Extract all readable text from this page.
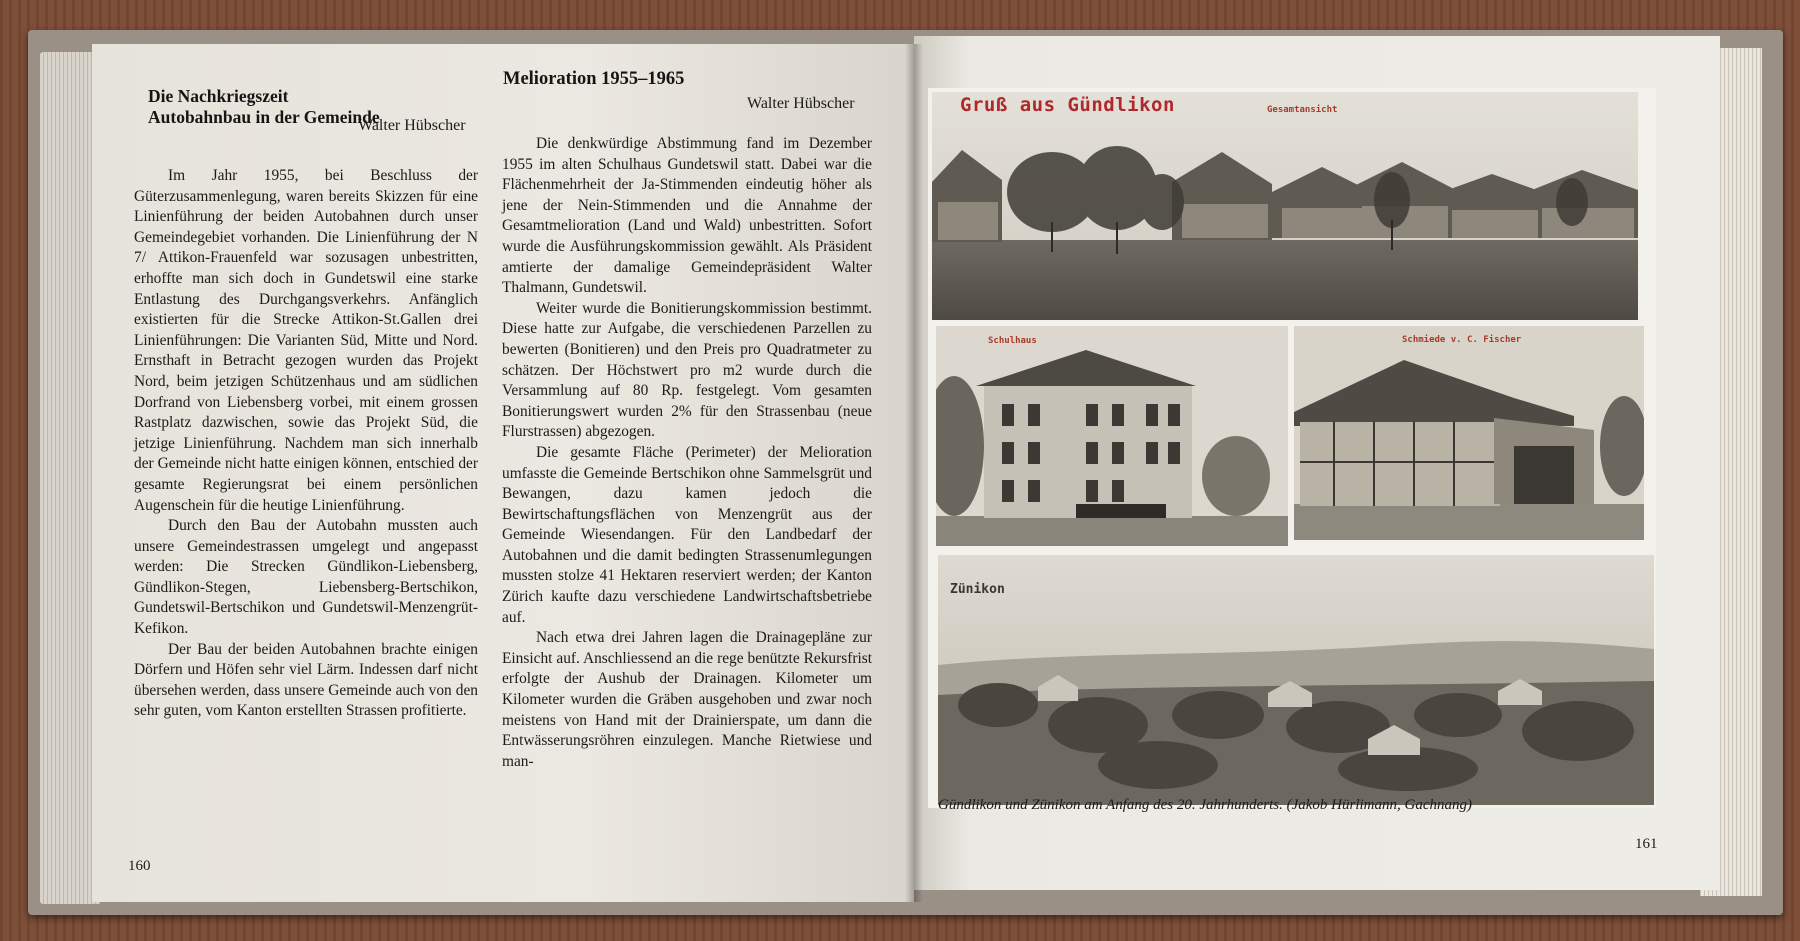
Die Nachkriegszeit
Autobahnbau in der Gemeinde
Walter Hübscher

Im Jahr 1955, bei Beschluss der Güterzusammenlegung, waren bereits Skizzen für eine Linienführung der beiden Autobahnen durch unser Gemeindegebiet vorhanden. Die Linienführung der N 7/ Attikon-Frauenfeld war sozusagen unbestritten, erhoffte man sich doch in Gundetswil eine starke Entlastung des Durchgangsverkehrs. Anfänglich existierten für die Strecke Attikon-St.Gallen drei Linienführungen: Die Varianten Süd, Mitte und Nord. Ernsthaft in Betracht gezogen wurden das Projekt Nord, beim jetzigen Schützenhaus und am südlichen Dorfrand von Liebensberg vorbei, mit einem grossen Rastplatz dazwischen, sowie das Projekt Süd, die jetzige Linienführung. Nachdem man sich innerhalb der Gemeinde nicht hatte einigen können, entschied der gesamte Regierungsrat bei einem persönlichen Augenschein für die heutige Linienführung.

Durch den Bau der Autobahn mussten auch unsere Gemeindestrassen umgelegt und angepasst werden: Die Strecken Gündlikon-Liebensberg, Gündlikon-Stegen, Liebensberg-Bertschikon, Gundetswil-Bertschikon und Gundetswil-Menzengrüt-Kefikon.

Der Bau der beiden Autobahnen brachte einigen Dörfern und Höfen sehr viel Lärm. Indessen darf nicht übersehen werden, dass unsere Gemeinde auch von den sehr guten, vom Kanton erstellten Strassen profitierte.

Melioration 1955–1965
Walter Hübscher

Die denkwürdige Abstimmung fand im Dezember 1955 im alten Schulhaus Gundetswil statt. Dabei war die Flächenmehrheit der Ja-Stimmenden eindeutig höher als jene der Nein-Stimmenden und die Annahme der Gesamtmelioration (Land und Wald) unbestritten. Sofort wurde die Ausführungskommission gewählt. Als Präsident amtierte der damalige Gemeindepräsident Walter Thalmann, Gundetswil.

Weiter wurde die Bonitierungskommission bestimmt. Diese hatte zur Aufgabe, die verschiedenen Parzellen zu bewerten (Bonitieren) und den Preis pro Quadratmeter zu schätzen. Der Höchstwert pro m2 wurde durch die Versammlung auf 80 Rp. festgelegt. Vom gesamten Bonitierungswert wurden 2% für den Strassenbau (neue Flurstrassen) abgezogen.

Die gesamte Fläche (Perimeter) der Melioration umfasste die Gemeinde Bertschikon ohne Sammelsgrüt und Bewangen, dazu kamen jedoch die Bewirtschaftungsflächen von Menzengrüt aus der Gemeinde Wiesendangen. Für den Landbedarf der Autobahnen und die damit bedingten Strassenumlegungen mussten stolze 41 Hektaren reserviert werden; der Kanton Zürich kaufte dazu verschiedene Landwirtschaftsbetriebe auf.

Nach etwa drei Jahren lagen die Drainagepläne zur Einsicht auf. Anschliessend an die rege benützte Rekursfrist erfolgte der Aushub der Drainagen. Kilometer um Kilometer wurden die Gräben ausgehoben und zwar noch meistens von Hand mit der Drainierspate, um dann die Entwässerungsröhren einzulegen. Manche Rietwiese und man-

160
Gruß aus Gündlikon	Gesamtansicht
Schulhaus	Schmiede v. C. Fischer
Zünikon
Gündlikon und Zünikon am Anfang des 20. Jahrhunderts. (Jakob Hürlimann, Gachnang)
161
